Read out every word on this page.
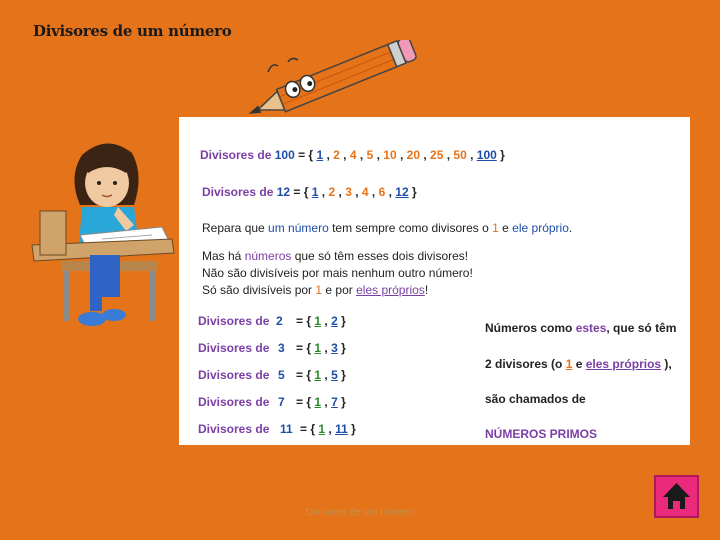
Divisores de um número
Divisores de 100 = { 1 , 2 , 4 , 5 , 10 , 20 , 25 , 50 , 100 }
Divisores de 12 = { 1 , 2 , 3 , 4 , 6 , 12 }
Repara que um número tem sempre como divisores o 1 e ele próprio.
Mas há números que só têm esses dois divisores!
Não são divisíveis por mais nenhum outro número!
Só são divisíveis por 1 e por eles próprios!
Divisores de 2 = { 1 , 2 }
Divisores de 3 = { 1 , 3 }
Divisores de 5 = { 1 , 5 }
Divisores de 7 = { 1 , 7 }
Divisores de 11 = { 1 , 11 }
Números como estes, que só têm
2 divisores (o 1 e eles próprios ),
são chamados de
NÚMEROS PRIMOS
Divisores de um número
